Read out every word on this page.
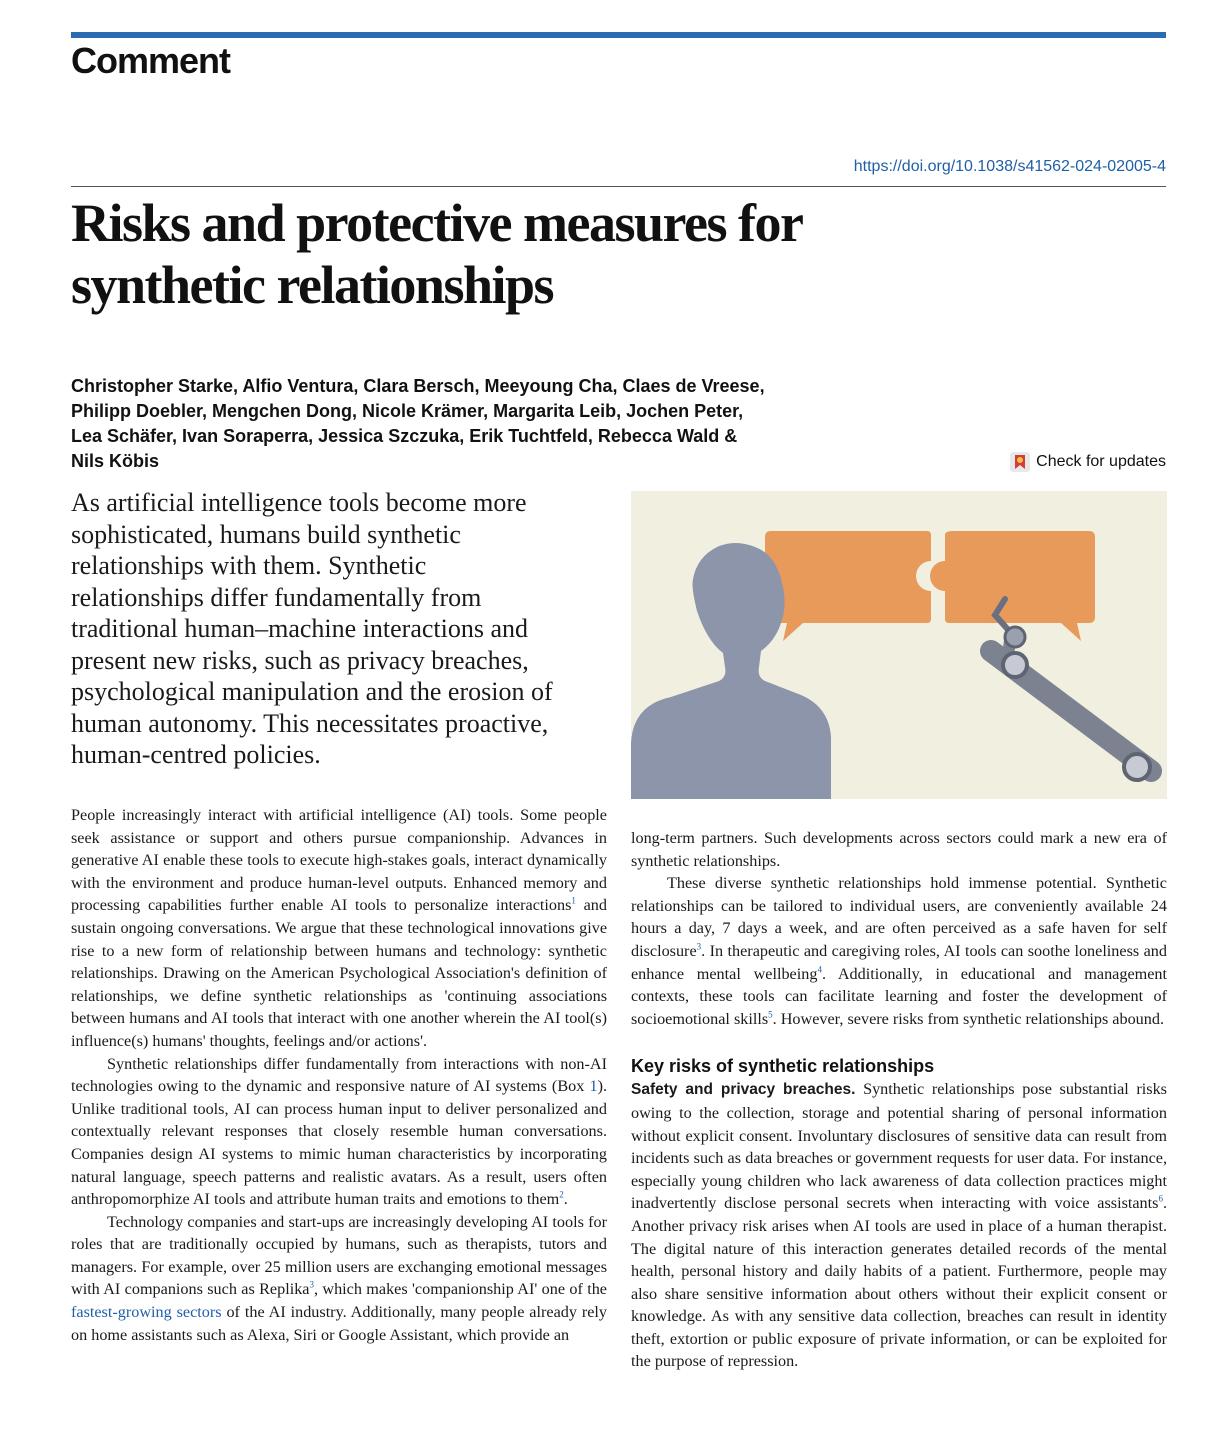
Comment
https://doi.org/10.1038/s41562-024-02005-4
Risks and protective measures for
synthetic relationships
Christopher Starke, Alfio Ventura, Clara Bersch, Meeyoung Cha, Claes de Vreese,
Philipp Doebler, Mengchen Dong, Nicole Krämer, Margarita Leib, Jochen Peter,
Lea Schäfer, Ivan Soraperra, Jessica Szczuka, Erik Tuchtfeld, Rebecca Wald &
Nils Köbis	Check for updates
As artificial intelligence tools become more
sophisticated, humans build synthetic
relationships with them. Synthetic
relationships differ fundamentally from
traditional human–machine interactions and
present new risks, such as privacy breaches,
psychological manipulation and the erosion of
human autonomy. This necessitates proactive,
human-centred policies.

People increasingly interact with artificial intelligence (AI) tools. Some people seek assistance or support and others pursue companionship. Advances in generative AI enable these tools to execute high-stakes goals, interact dynamically with the environment and produce human-level outputs. Enhanced memory and processing capabilities further enable AI tools to personalize interactions$^1$ and sustain ongoing conversations. We argue that these technological innovations give rise to a new form of relationship between humans and technology: synthetic relationships. Drawing on the American Psychological Association's definition of relationships, we define synthetic relationships as 'continuing associations between humans and AI tools that interact with one another wherein the AI tool(s) influence(s) humans' thoughts, feelings and/or actions'.

Synthetic relationships differ fundamentally from interactions with non-AI technologies owing to the dynamic and responsive nature of AI systems (Box 1). Unlike traditional tools, AI can process human input to deliver personalized and contextually relevant responses that closely resemble human conversations. Companies design AI systems to mimic human characteristics by incorporating natural language, speech patterns and realistic avatars. As a result, users often anthropomorphize AI tools and attribute human traits and emotions to them$^2$.

Technology companies and start-ups are increasingly developing AI tools for roles that are traditionally occupied by humans, such as therapists, tutors and managers. For example, over 25 million users are exchanging emotional messages with AI companions such as Replika$^3$, which makes 'companionship AI' one of the fastest-growing sectors of the AI industry. Additionally, many people already rely on home assistants such as Alexa, Siri or Google Assistant, which provide an

long-term partners. Such developments across sectors could mark a new era of synthetic relationships.

These diverse synthetic relationships hold immense potential. Synthetic relationships can be tailored to individual users, are conveniently available 24 hours a day, 7 days a week, and are often perceived as a safe haven for self disclosure$^3$. In therapeutic and caregiving roles, AI tools can soothe loneliness and enhance mental wellbeing$^4$. Additionally, in educational and management contexts, these tools can facilitate learning and foster the development of socioemotional skills$^5$. However, severe risks from synthetic relationships abound.

Key risks of synthetic relationships

Safety and privacy breaches. Synthetic relationships pose substantial risks owing to the collection, storage and potential sharing of personal information without explicit consent. Involuntary disclosures of sensitive data can result from incidents such as data breaches or government requests for user data. For instance, especially young children who lack awareness of data collection practices might inadvertently disclose personal secrets when interacting with voice assistants$^6$. Another privacy risk arises when AI tools are used in place of a human therapist. The digital nature of this interaction generates detailed records of the mental health, personal history and daily habits of a patient. Furthermore, people may also share sensitive information about others without their explicit consent or knowledge. As with any sensitive data collection, breaches can result in identity theft, extortion or public exposure of private information, or can be exploited for the purpose of repression.
